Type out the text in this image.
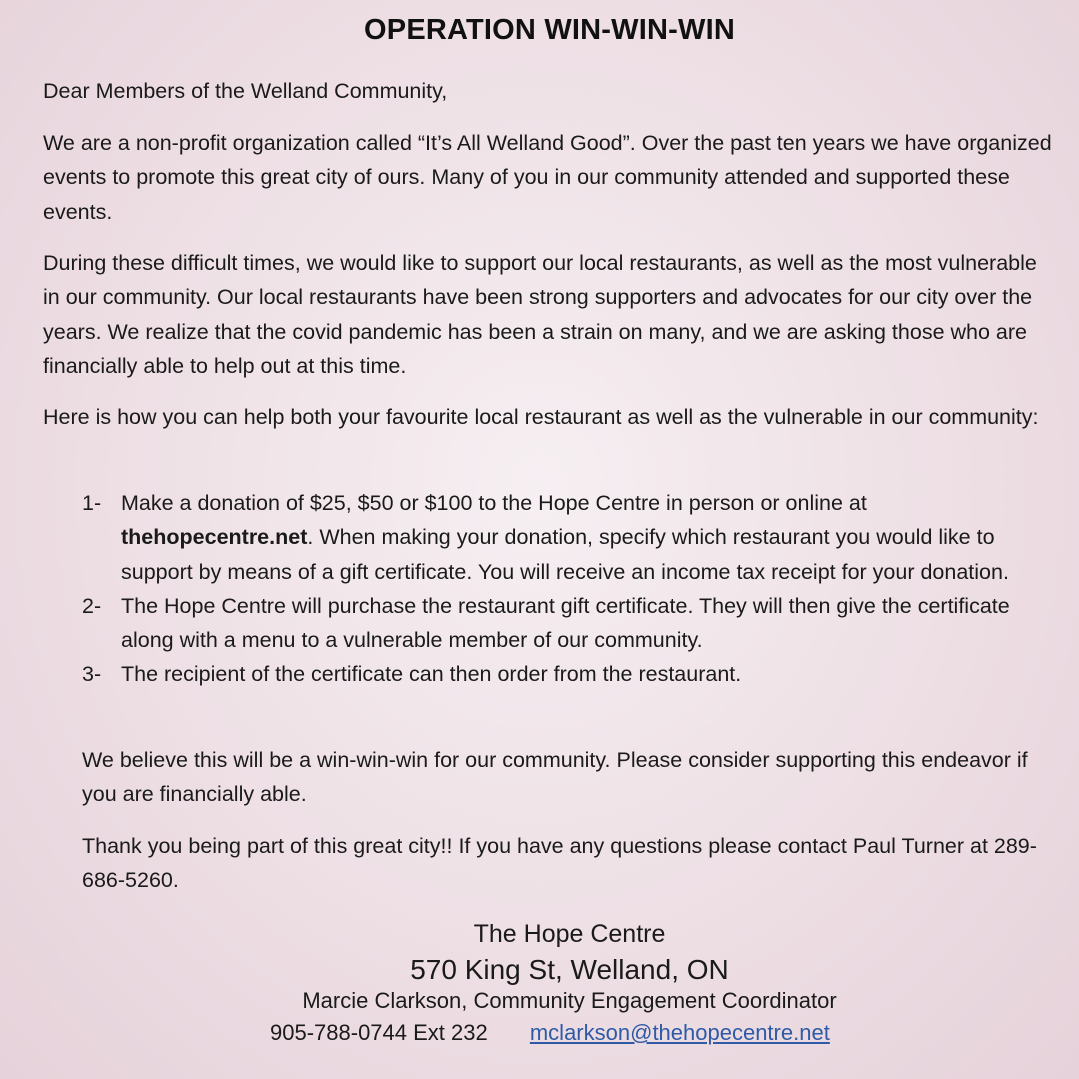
OPERATION WIN-WIN-WIN

Dear Members of the Welland Community,

We are a non-profit organization called “It’s All Welland Good”. Over the past ten years we have organized events to promote this great city of ours. Many of you in our community attended and supported these events.

During these difficult times, we would like to support our local restaurants, as well as the most vulnerable in our community. Our local restaurants have been strong supporters and advocates for our city over the years. We realize that the covid pandemic has been a strain on many, and we are asking those who are financially able to help out at this time.

Here is how you can help both your favourite local restaurant as well as the vulnerable in our community:

1- Make a donation of $25, $50 or $100 to the Hope Centre in person or online at thehopecentre.net. When making your donation, specify which restaurant you would like to support by means of a gift certificate. You will receive an income tax receipt for your donation.
2- The Hope Centre will purchase the restaurant gift certificate. They will then give the certificate along with a menu to a vulnerable member of our community.
3- The recipient of the certificate can then order from the restaurant.

We believe this will be a win-win-win for our community. Please consider supporting this endeavor if you are financially able.

Thank you being part of this great city!! If you have any questions please contact Paul Turner at 289-686-5260.

The Hope Centre
570 King St, Welland, ON
Marcie Clarkson, Community Engagement Coordinator
905-788-0744 Ext 232 mclarkson@thehopecentre.net
